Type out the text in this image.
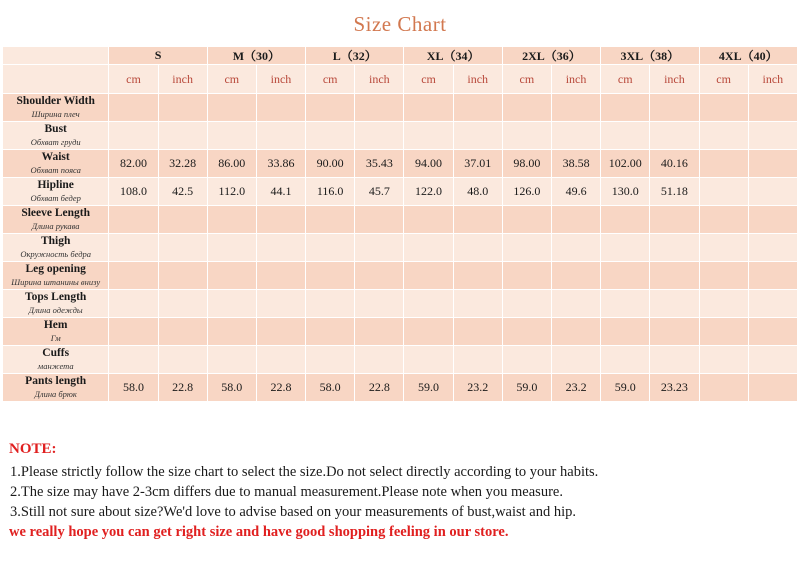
Size Chart
	S		M（30）		L（32）		XL（34）		2XL（36）		3XL（38）		4XL（40）	
	cm	inch	cm	inch	cm	inch	cm	inch	cm	inch	cm	inch	cm	inch

Shoulder Width
Ширина плеч														

Bust
Обхват груди														

Waist
Обхват пояса	82.00	32.28	86.00	33.86	90.00	35.43	94.00	37.01	98.00	38.58	102.00	40.16		

Hipline
Обхват бедер	108.0	42.5	112.0	44.1	116.0	45.7	122.0	48.0	126.0	49.6	130.0	51.18		

Sleeve Length
Длина рукава														

Thigh
Окружность бедра														

Leg opening
Ширина штанины внизу														

Tops Length
Длина одежды														

Hem
Гм														

Cuffs
манжета														

Pants length
Длина брюк	58.0	22.8	58.0	22.8	58.0	22.8	59.0	23.2	59.0	23.2	59.0	23.23		
NOTE:
1.Please strictly follow the size chart to select the size.Do not select directly according to your habits.
2.The size may have 2-3cm differs due to manual measurement.Please note when you measure.
3.Still not sure about size?We'd love to advise based on your measurements of bust,waist and hip.
we really hope you can get right size and have good shopping feeling in our store.
